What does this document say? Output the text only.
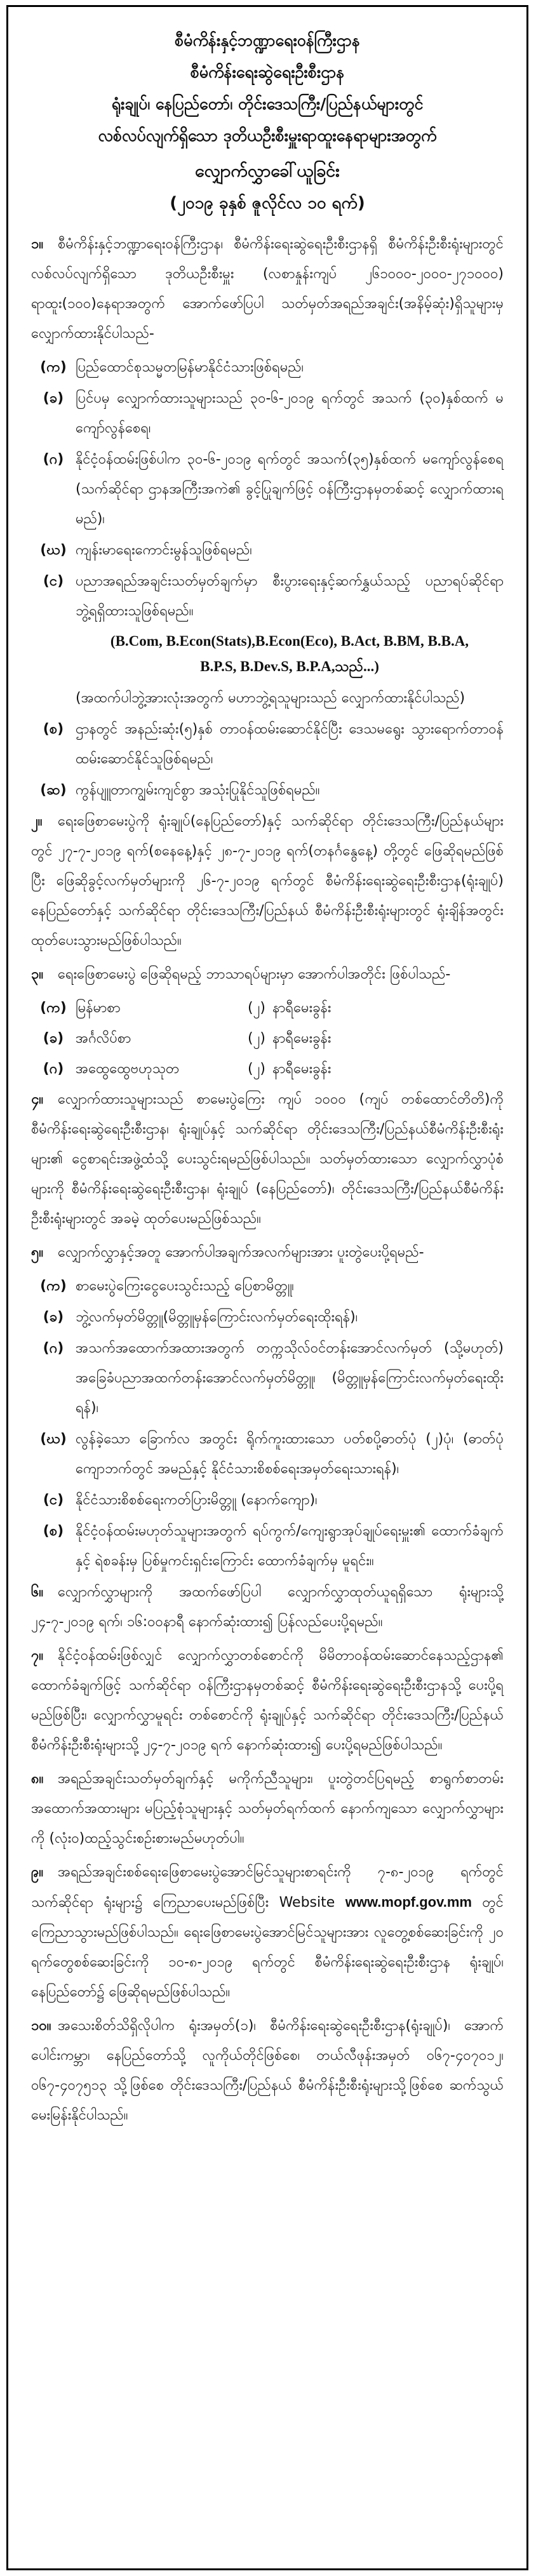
စီမံကိန်းနှင့်ဘဏ္ဍာရေးဝန်ကြီးဌာန

စီမံကိန်းရေးဆွဲရေးဦးစီးဌာန

ရုံးချုပ်၊ နေပြည်တော်၊ တိုင်းဒေသကြီး/ပြည်နယ်များတွင်

လစ်လပ်လျက်ရှိသော ဒုတိယဦးစီးမှူးရာထူးနေရာများအတွက်

လျှောက်လွှာခေါ်ယူခြင်း

(၂၀၁၉ ခုနှစ် ဇူလိုင်လ ၁၀ ရက်)

၁။ စီမံကိန်းနှင့်ဘဏ္ဍာရေးဝန်ကြီးဌာန၊ စီမံကိန်းရေးဆွဲရေးဦးစီးဌာနရှိ စီမံကိန်းဦးစီးရုံးများတွင် လစ်လပ်လျက်ရှိသော ဒုတိယဦးစီးမှူး (လစာနှုန်းကျပ် ၂၆၁၀၀၀-၂၀၀၀-၂၇၁၀၀၀) ရာထူး(၁၀၀)နေရာအတွက် အောက်ဖော်ပြပါ သတ်မှတ်အရည်အချင်း(အနိမ့်ဆုံး)ရှိသူများမှ လျှောက်ထားနိုင်ပါသည်-

(က) ပြည်ထောင်စုသမ္မတမြန်မာနိုင်ငံသားဖြစ်ရမည်၊
(ခ) ပြင်ပမှ လျှောက်ထားသူများသည် ၃၀-၆-၂၀၁၉ ရက်တွင် အသက် (၃၀)နှစ်ထက် မကျော်လွန်စေရ၊
(ဂ) နိုင်ငံ့ဝန်ထမ်းဖြစ်ပါက ၃၀-၆-၂၀၁၉ ရက်တွင် အသက်(၃၅)နှစ်ထက် မကျော်လွန်စေရ (သက်ဆိုင်ရာ ဌာနအကြီးအကဲ၏ ခွင့်ပြုချက်ဖြင့် ဝန်ကြီးဌာနမှတစ်ဆင့် လျှောက်ထားရမည်)၊
(ဃ) ကျန်းမာရေးကောင်းမွန်သူဖြစ်ရမည်၊
(င) ပညာအရည်အချင်းသတ်မှတ်ချက်မှာ စီးပွားရေးနှင့်ဆက်နွှယ်သည့် ပညာရပ်ဆိုင်ရာဘွဲ့ရရှိထားသူဖြစ်ရမည်။
(B.Com, B.Econ(Stats),B.Econ(Eco), B.Act, B.BM, B.B.A, B.P.S, B.Dev.S, B.P.A,သည်...)
(အထက်ပါဘွဲ့အားလုံးအတွက် မဟာဘွဲ့ရသူများသည် လျှောက်ထားနိုင်ပါသည်)
(စ) ဌာနတွင် အနည်းဆုံး(၅)နှစ် တာဝန်ထမ်းဆောင်နိုင်ပြီး ဒေသမရွေး သွားရောက်တာဝန်ထမ်းဆောင်နိုင်သူဖြစ်ရမည်၊
(ဆ) ကွန်ပျူတာကျွမ်းကျင်စွာ အသုံးပြုနိုင်သူဖြစ်ရမည်။

၂။ ရေးဖြေစာမေးပွဲကို ရုံးချုပ်(နေပြည်တော်)နှင့် သက်ဆိုင်ရာ တိုင်းဒေသကြီး/ပြည်နယ်များတွင် ၂၇-၇-၂၀၁၉ ရက်(စနေနေ့)နှင့် ၂၈-၇-၂၀၁၉ ရက်(တနင်္ဂနွေနေ့) တို့တွင် ဖြေဆိုရမည်ဖြစ်ပြီး ဖြေဆိုခွင့်လက်မှတ်များကို ၂၆-၇-၂၀၁၉ ရက်တွင် စီမံကိန်းရေးဆွဲရေးဦးစီးဌာန(ရုံးချုပ်) နေပြည်တော်နှင့် သက်ဆိုင်ရာ တိုင်းဒေသကြီး/ပြည်နယ် စီမံကိန်းဦးစီးရုံးများတွင် ရုံးချိန်အတွင်း ထုတ်ပေးသွားမည်ဖြစ်ပါသည်။

၃။ ရေးဖြေစာမေးပွဲ ဖြေဆိုရမည့် ဘာသာရပ်များမှာ အောက်ပါအတိုင်း ဖြစ်ပါသည်-

(က) မြန်မာစာ	(၂) နာရီမေးခွန်း
(ခ) အင်္ဂလိပ်စာ	(၂) နာရီမေးခွန်း
(ဂ) အထွေထွေဗဟုသုတ	(၂) နာရီမေးခွန်း

၄။ လျှောက်ထားသူများသည် စာမေးပွဲကြေး ကျပ် ၁၀၀၀ (ကျပ် တစ်ထောင်တိတိ)ကို စီမံကိန်းရေးဆွဲရေးဦးစီးဌာန၊ ရုံးချုပ်နှင့် သက်ဆိုင်ရာ တိုင်းဒေသကြီး/ပြည်နယ်စီမံကိန်းဦးစီးရုံးများ၏ ငွေစာရင်းအဖွဲ့ထံသို့ ပေးသွင်းရမည်ဖြစ်ပါသည်။ သတ်မှတ်ထားသော လျှောက်လွှာပုံစံများကို စီမံကိန်းရေးဆွဲရေးဦးစီးဌာန၊ ရုံးချုပ် (နေပြည်တော်)၊ တိုင်းဒေသကြီး/ပြည်နယ်စီမံကိန်းဦးစီးရုံးများတွင် အခမဲ့ ထုတ်ပေးမည်ဖြစ်သည်။

၅။ လျှောက်လွှာနှင့်အတူ အောက်ပါအချက်အလက်များအား ပူးတွဲပေးပို့ရမည်-

(က) စာမေးပွဲကြေးငွေပေးသွင်းသည့် ပြေစာမိတ္တူ၊
(ခ) ဘွဲ့လက်မှတ်မိတ္တူ(မိတ္တူမှန်ကြောင်းလက်မှတ်ရေးထိုးရန်)၊
(ဂ) အသက်အထောက်အထားအတွက် တက္ကသိုလ်ဝင်တန်းအောင်လက်မှတ် (သို့မဟုတ်) အခြေခံပညာအထက်တန်းအောင်လက်မှတ်မိတ္တူ၊ (မိတ္တူမှန်ကြောင်းလက်မှတ်ရေးထိုးရန်)၊
(ဃ) လွန်ခဲ့သော ခြောက်လ အတွင်း ရိုက်ကူးထားသော ပတ်စပို့ဓာတ်ပုံ (၂)ပုံ၊ (ဓာတ်ပုံကျောဘက်တွင် အမည်နှင့် နိုင်ငံသားစိစစ်ရေးအမှတ်ရေးသားရန်)၊
(င) နိုင်ငံသားစိစစ်ရေးကတ်ပြားမိတ္တူ (နောက်ကျော)၊
(စ) နိုင်ငံ့ဝန်ထမ်းမဟုတ်သူများအတွက် ရပ်ကွက်/ကျေးရွာအုပ်ချုပ်ရေးမှူး၏ ထောက်ခံချက် နှင့် ရဲစခန်းမှ ပြစ်မှုကင်းရှင်းကြောင်း ထောက်ခံချက်မှ မူရင်း။

၆။ လျှောက်လွှာများကို အထက်ဖော်ပြပါ လျှောက်လွှာထုတ်ယူရရှိသော ရုံးများသို့ ၂၄-၇-၂၀၁၉ ရက်၊ ၁၆:၀၀နာရီ နောက်ဆုံးထား၍ ပြန်လည်ပေးပို့ရမည်။

၇။ နိုင်ငံ့ဝန်ထမ်းဖြစ်လျှင် လျှောက်လွှာတစ်စောင်ကို မိမိတာဝန်ထမ်းဆောင်နေသည့်ဌာန၏ ထောက်ခံချက်ဖြင့် သက်ဆိုင်ရာ ဝန်ကြီးဌာနမှတစ်ဆင့် စီမံကိန်းရေးဆွဲရေးဦးစီးဌာနသို့ ပေးပို့ရမည်ဖြစ်ပြီး၊ လျှောက်လွှာမူရင်း တစ်စောင်ကို ရုံးချုပ်နှင့် သက်ဆိုင်ရာ တိုင်းဒေသကြီး/ပြည်နယ် စီမံကိန်းဦးစီးရုံးများသို့ ၂၄-၇-၂၀၁၉ ရက် နောက်ဆုံးထား၍ ပေးပို့ရမည်ဖြစ်ပါသည်။

၈။ အရည်အချင်းသတ်မှတ်ချက်နှင့် မကိုက်ညီသူများ၊ ပူးတွဲတင်ပြရမည့် စာရွက်စာတမ်း အထောက်အထားများ မပြည့်စုံသူများနှင့် သတ်မှတ်ရက်ထက် နောက်ကျသော လျှောက်လွှာများကို (လုံးဝ)ထည့်သွင်းစဉ်းစားမည်မဟုတ်ပါ။

၉။ အရည်အချင်းစစ်ရေးဖြေစာမေးပွဲအောင်မြင်သူများစာရင်းကို ၇-၈-၂၀၁၉ ရက်တွင် သက်ဆိုင်ရာ ရုံးများ၌ ကြေညာပေးမည်ဖြစ်ပြီး Website www.mopf.gov.mm တွင် ကြေညာသွားမည်ဖြစ်ပါသည်။ ရေးဖြေစာမေးပွဲအောင်မြင်သူများအား လူတွေ့စစ်ဆေးခြင်းကို ၂၀ ရက်တွေစစ်ဆေးခြင်းကို ၁၀-၈-၂၀၁၉ ရက်တွင် စီမံကိန်းရေးဆွဲရေးဦးစီးဌာန ရုံးချုပ်၊ နေပြည်တော်၌ ဖြေဆိုရမည်ဖြစ်ပါသည်။

၁၀။ အသေးစိတ်သိရှိလိုပါက ရုံးအမှတ်(၁)၊ စီမံကိန်းရေးဆွဲရေးဦးစီးဌာန(ရုံးချုပ်)၊ အောက်ပေါင်းကမ္ဘာ၊ နေပြည်တော်သို့ လူကိုယ်တိုင်ဖြစ်စေ၊ တယ်လီဖုန်းအမှတ် ၀၆၇-၄၀၇၀၁၂၊ ၀၆၇-၄၀၇၅၁၃ သို့ဖြစ်စေ တိုင်းဒေသကြီး/ပြည်နယ် စီမံကိန်းဦးစီးရုံးများသို့ဖြစ်စေ ဆက်သွယ်မေးမြန်းနိုင်ပါသည်။
